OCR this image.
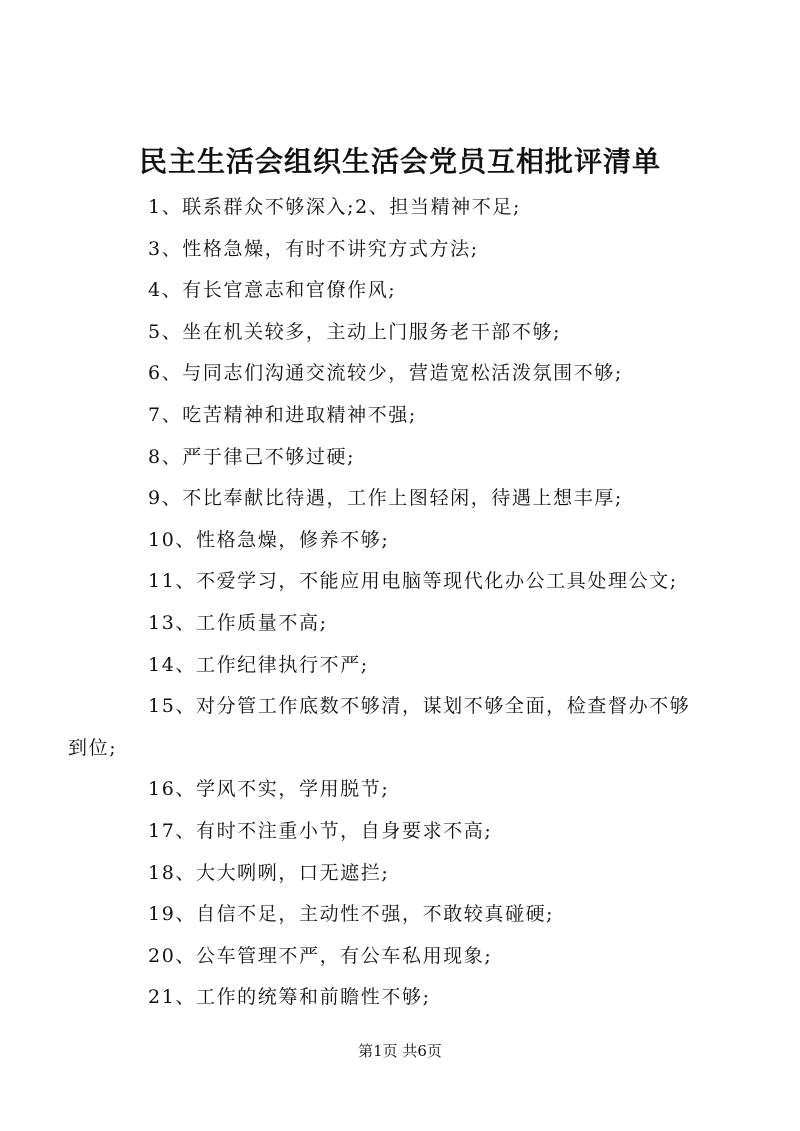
民主生活会组织生活会党员互相批评清单
1、联系群众不够深入;2、担当精神不足;
3、性格急燥，有时不讲究方式方法;
4、有长官意志和官僚作风;
5、坐在机关较多，主动上门服务老干部不够;
6、与同志们沟通交流较少，营造宽松活泼氛围不够;
7、吃苦精神和进取精神不强;
8、严于律己不够过硬;
9、不比奉献比待遇，工作上图轻闲，待遇上想丰厚;
10、性格急燥，修养不够;
11、不爱学习，不能应用电脑等现代化办公工具处理公文;
13、工作质量不高;
14、工作纪律执行不严;
15、对分管工作底数不够清，谋划不够全面，检查督办不够
到位;
16、学风不实，学用脱节;
17、有时不注重小节，自身要求不高;
18、大大咧咧，口无遮拦;
19、自信不足，主动性不强，不敢较真碰硬;
20、公车管理不严，有公车私用现象;
21、工作的统筹和前瞻性不够;
第1页 共6页
